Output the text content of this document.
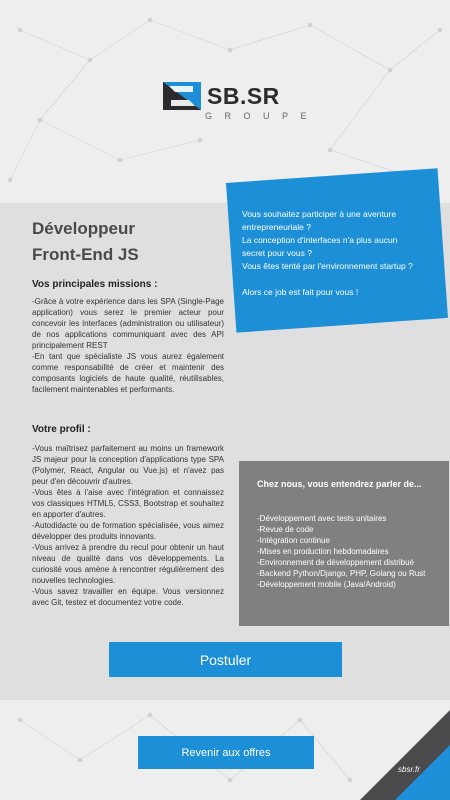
SB.SR
GROUPE
Développeur
Front-End JS
Vos principales missions :
-Grâce à votre expérience dans les SPA (Single-Page application) vous serez le premier acteur pour concevoir les interfaces (administration ou utilisateur) de nos applications communiquant avec des API principalement REST
-En tant que spécialiste JS vous aurez également comme responsabilité de créer et maintenir des composants logiciels de haute qualité, réutilisables, facilement maintenables et performants.
Votre profil :
-Vous maîtrisez parfaitement au moins un framework JS majeur pour la conception d'applications type SPA (Polymer, React, Angular ou Vue.js) et n'avez pas peur d'en découvrir d'autres.
-Vous êtes à l'aise avec l'intégration et connaissez vos classiques HTML5, CSS3, Bootstrap et souhaitez en apporter d'autres.
-Autodidacte ou de formation spécialisée, vous aimez développer des produits innovants.
-Vous arrivez à prendre du recul pour obtenir un haut niveau de qualité dans vos développements. La curiosité vous amène à rencontrer régulièrement des nouvelles technologies.
-Vous savez travailler en équipe. Vous versionnez avec Git, testez et documentez votre code.
Vous souhaitez participer à une aventure entrepreneuriale ?
La conception d'interfaces n'a plus aucun secret pour vous ?
Vous êtes tenté par l'environnement startup ?
Alors ce job est fait pour vous !
Chez nous, vous entendrez parler de...
-Développement avec tests unitaires
-Revue de code
-Intégration continue
-Mises en production hebdomadaires
-Environnement de développement distribué
-Backend Python/Django, PHP, Golang ou Rust
-Développement mobile (Java/Android)
Postuler
Revenir aux offres
sbsr.fr
